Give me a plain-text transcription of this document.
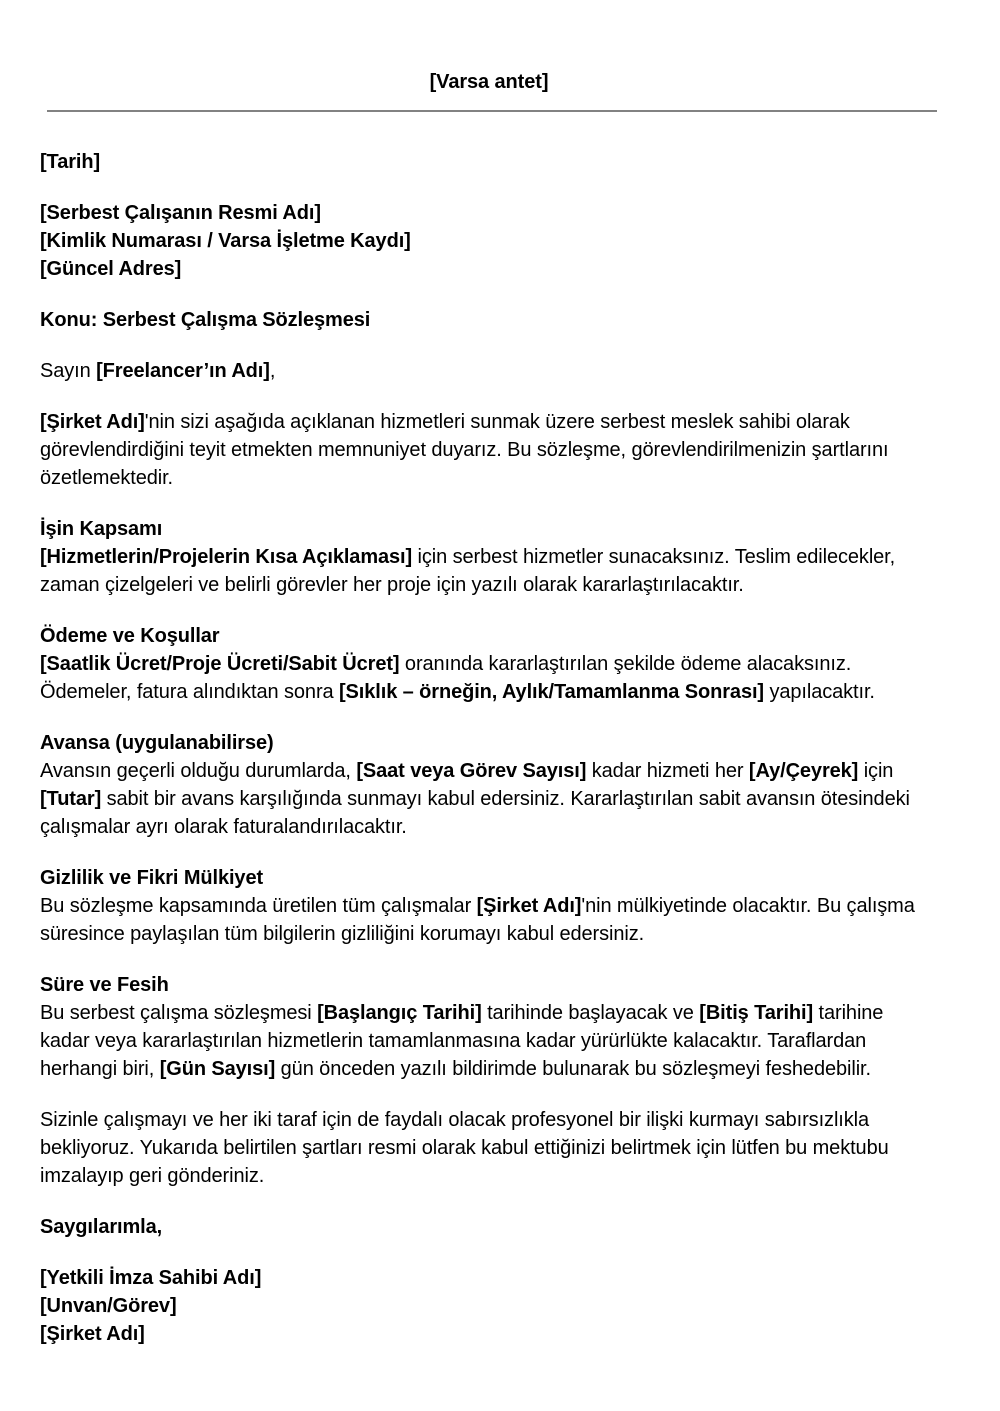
[Varsa antet]

[Tarih]

[Serbest Çalışanın Resmi Adı]
[Kimlik Numarası / Varsa İşletme Kaydı]
[Güncel Adres]

Konu: Serbest Çalışma Sözleşmesi

Sayın [Freelancer’ın Adı],

[Şirket Adı]'nin sizi aşağıda açıklanan hizmetleri sunmak üzere serbest meslek sahibi olarak görevlendirdiğini teyit etmekten memnuniyet duyarız. Bu sözleşme, görevlendirilmenizin şartlarını özetlemektedir.

İşin Kapsamı
[Hizmetlerin/Projelerin Kısa Açıklaması] için serbest hizmetler sunacaksınız. Teslim edilecekler, zaman çizelgeleri ve belirli görevler her proje için yazılı olarak kararlaştırılacaktır.

Ödeme ve Koşullar
[Saatlik Ücret/Proje Ücreti/Sabit Ücret] oranında kararlaştırılan şekilde ödeme alacaksınız. Ödemeler, fatura alındıktan sonra [Sıklık – örneğin, Aylık/Tamamlanma Sonrası] yapılacaktır.

Avansa (uygulanabilirse)
Avansın geçerli olduğu durumlarda, [Saat veya Görev Sayısı] kadar hizmeti her [Ay/Çeyrek] için [Tutar] sabit bir avans karşılığında sunmayı kabul edersiniz. Kararlaştırılan sabit avansın ötesindeki çalışmalar ayrı olarak faturalandırılacaktır.

Gizlilik ve Fikri Mülkiyet
Bu sözleşme kapsamında üretilen tüm çalışmalar [Şirket Adı]'nin mülkiyetinde olacaktır. Bu çalışma süresince paylaşılan tüm bilgilerin gizliliğini korumayı kabul edersiniz.

Süre ve Fesih
Bu serbest çalışma sözleşmesi [Başlangıç Tarihi] tarihinde başlayacak ve [Bitiş Tarihi] tarihine kadar veya kararlaştırılan hizmetlerin tamamlanmasına kadar yürürlükte kalacaktır. Taraflardan herhangi biri, [Gün Sayısı] gün önceden yazılı bildirimde bulunarak bu sözleşmeyi feshedebilir.

Sizinle çalışmayı ve her iki taraf için de faydalı olacak profesyonel bir ilişki kurmayı sabırsızlıkla bekliyoruz. Yukarıda belirtilen şartları resmi olarak kabul ettiğinizi belirtmek için lütfen bu mektubu imzalayıp geri gönderiniz.

Saygılarımla,

[Yetkili İmza Sahibi Adı]
[Unvan/Görev]
[Şirket Adı]
